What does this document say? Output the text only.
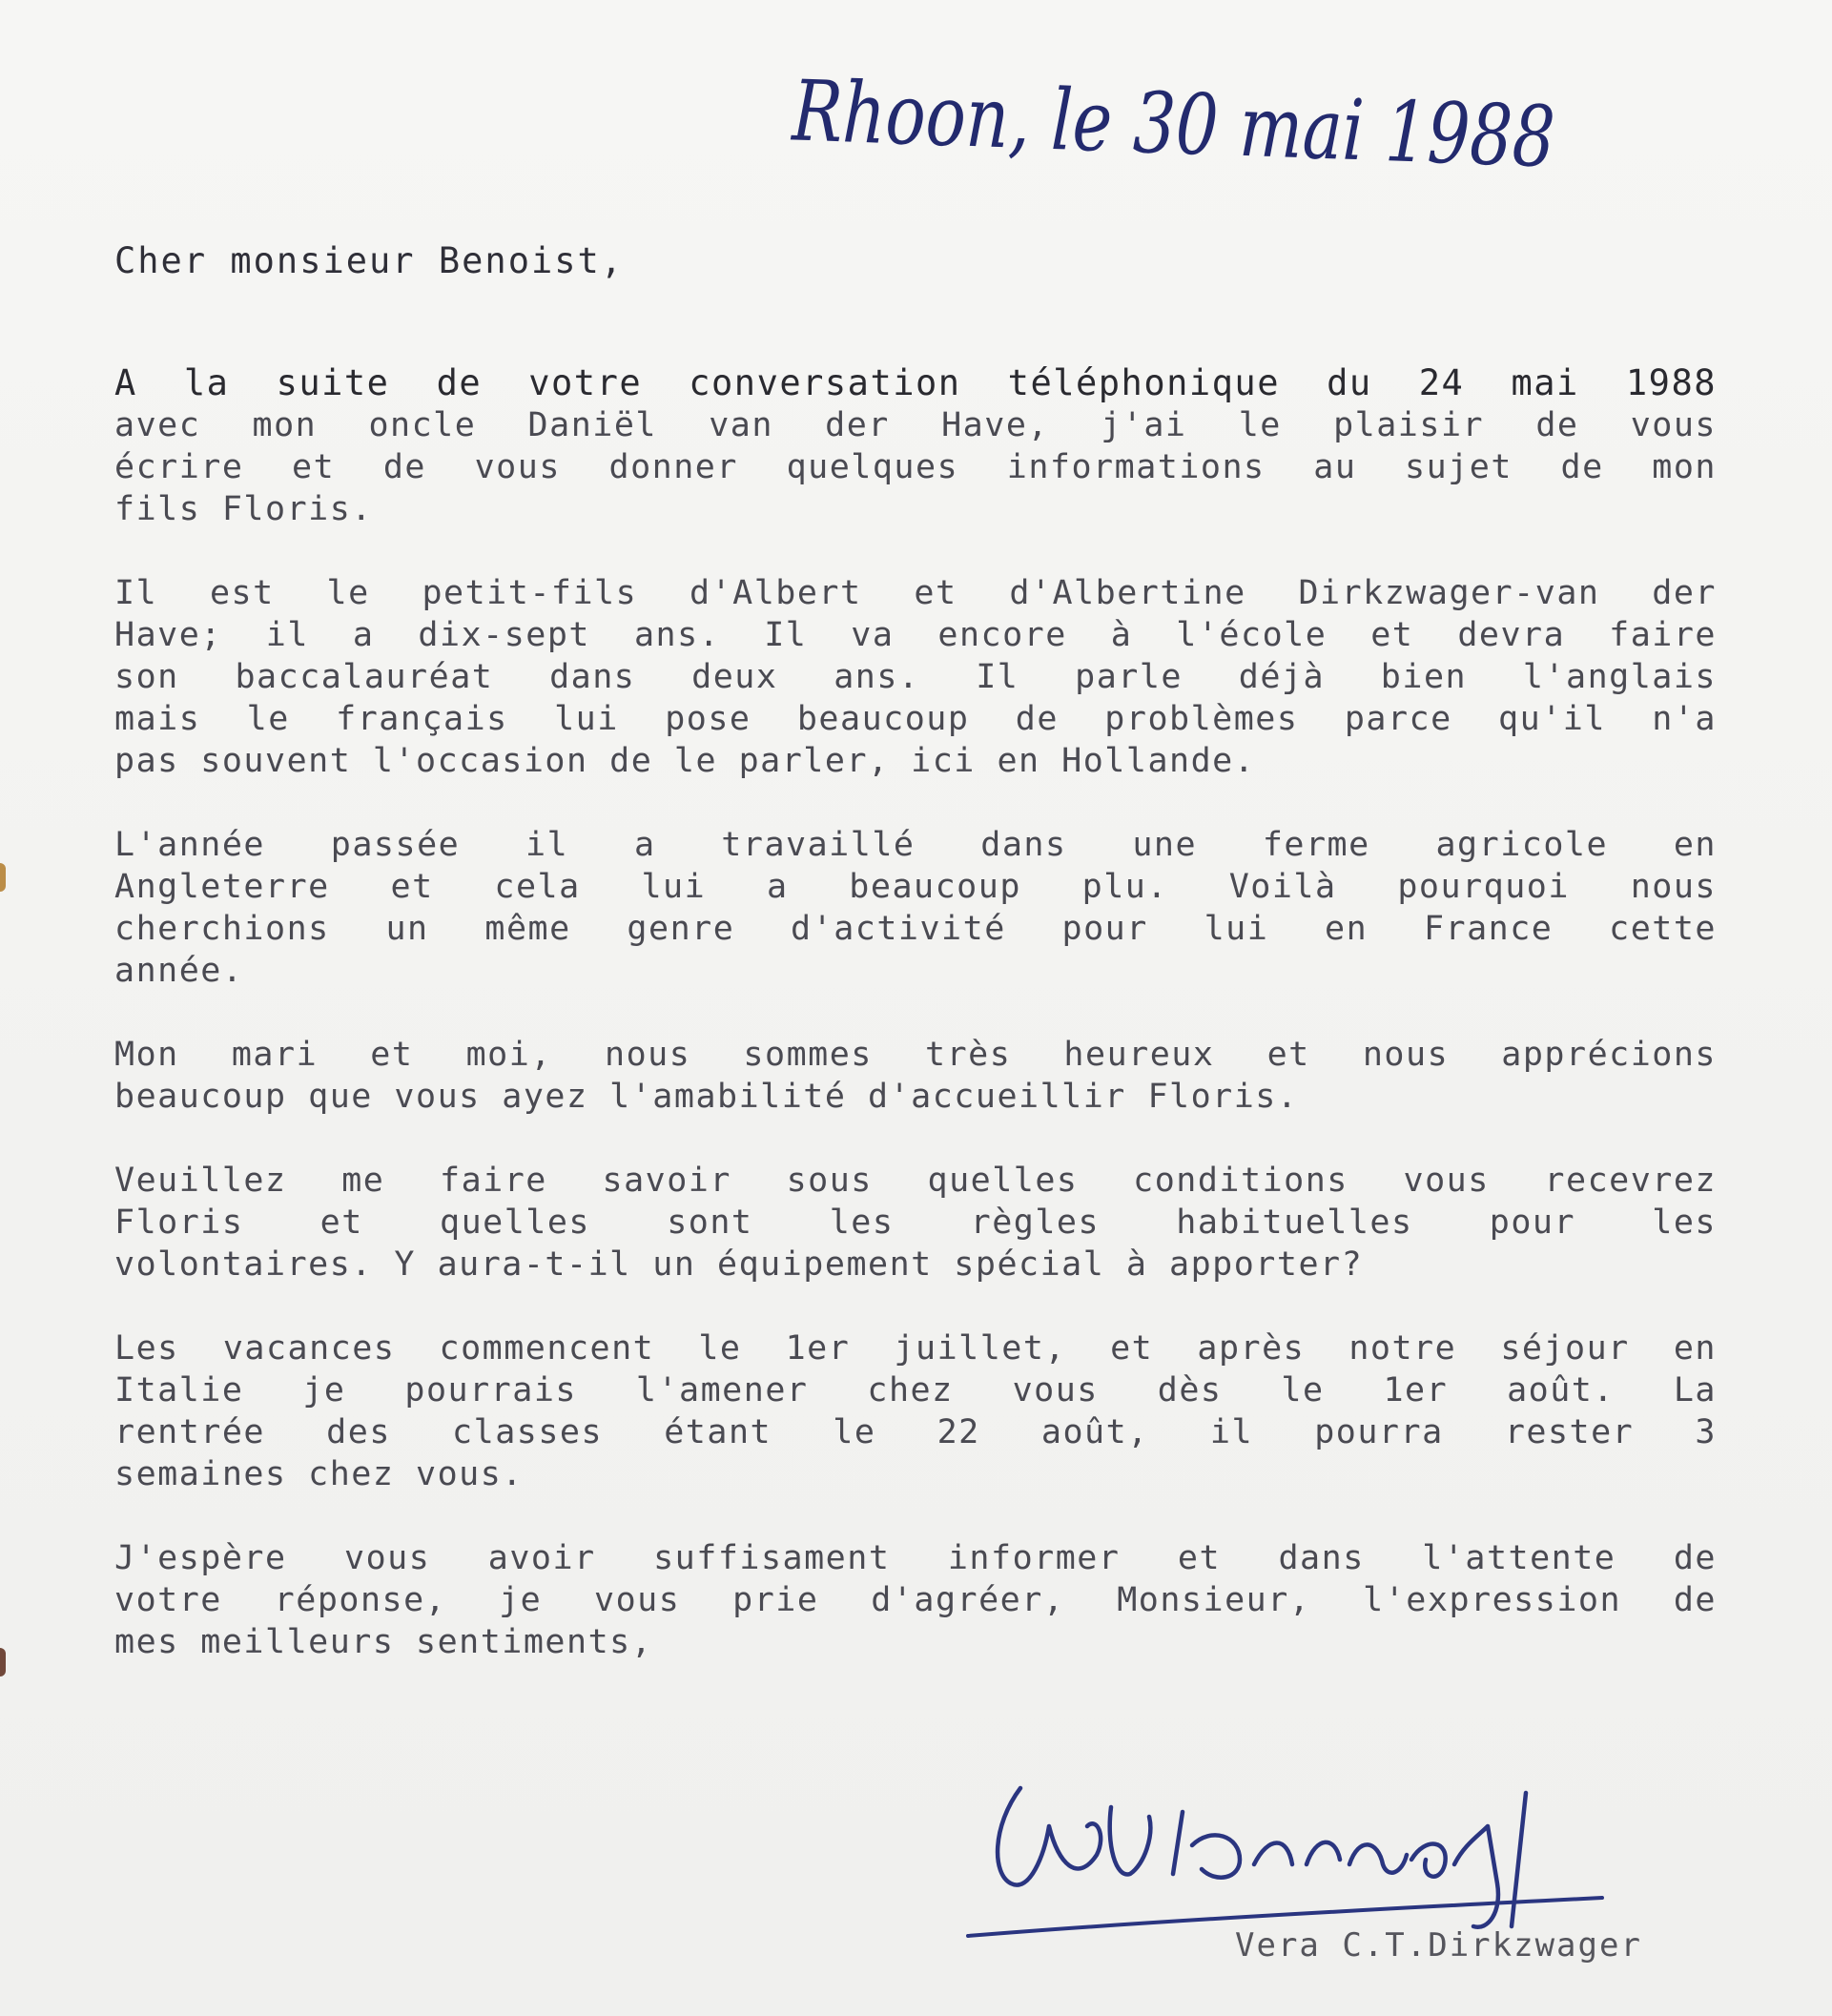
Rhoon, le 30 mai 1988
Cher monsieur Benoist,
A la suite de votre conversation téléphonique du 24 mai 1988
avec mon oncle Daniël van der Have, j'ai le plaisir de vous
écrire et de vous donner quelques informations au sujet de mon
fils Floris.
Il est le petit-fils d'Albert et d'Albertine Dirkzwager-van der
Have; il a dix-sept ans. Il va encore à l'école et devra faire
son baccalauréat dans deux ans. Il parle déjà bien l'anglais
mais le français lui pose beaucoup de problèmes parce qu'il n'a
pas souvent l'occasion de le parler, ici en Hollande.
L'année passée il a travaillé dans une ferme agricole en
Angleterre et cela lui a beaucoup plu. Voilà pourquoi nous
cherchions un même genre d'activité pour lui en France cette
année.
Mon mari et moi, nous sommes très heureux et nous apprécions
beaucoup que vous ayez l'amabilité d'accueillir Floris.
Veuillez me faire savoir sous quelles conditions vous recevrez
Floris et quelles sont les règles habituelles pour les
volontaires. Y aura-t-il un équipement spécial à apporter?
Les vacances commencent le 1er juillet, et après notre séjour en
Italie je pourrais l'amener chez vous dès le 1er août. La
rentrée des classes étant le 22 août, il pourra rester 3
semaines chez vous.
J'espère vous avoir suffisament informer et dans l'attente de
votre réponse, je vous prie d'agréer, Monsieur, l'expression de
mes meilleurs sentiments,
V.C.T. Dirkzwager
Vera C.T.Dirkzwager
